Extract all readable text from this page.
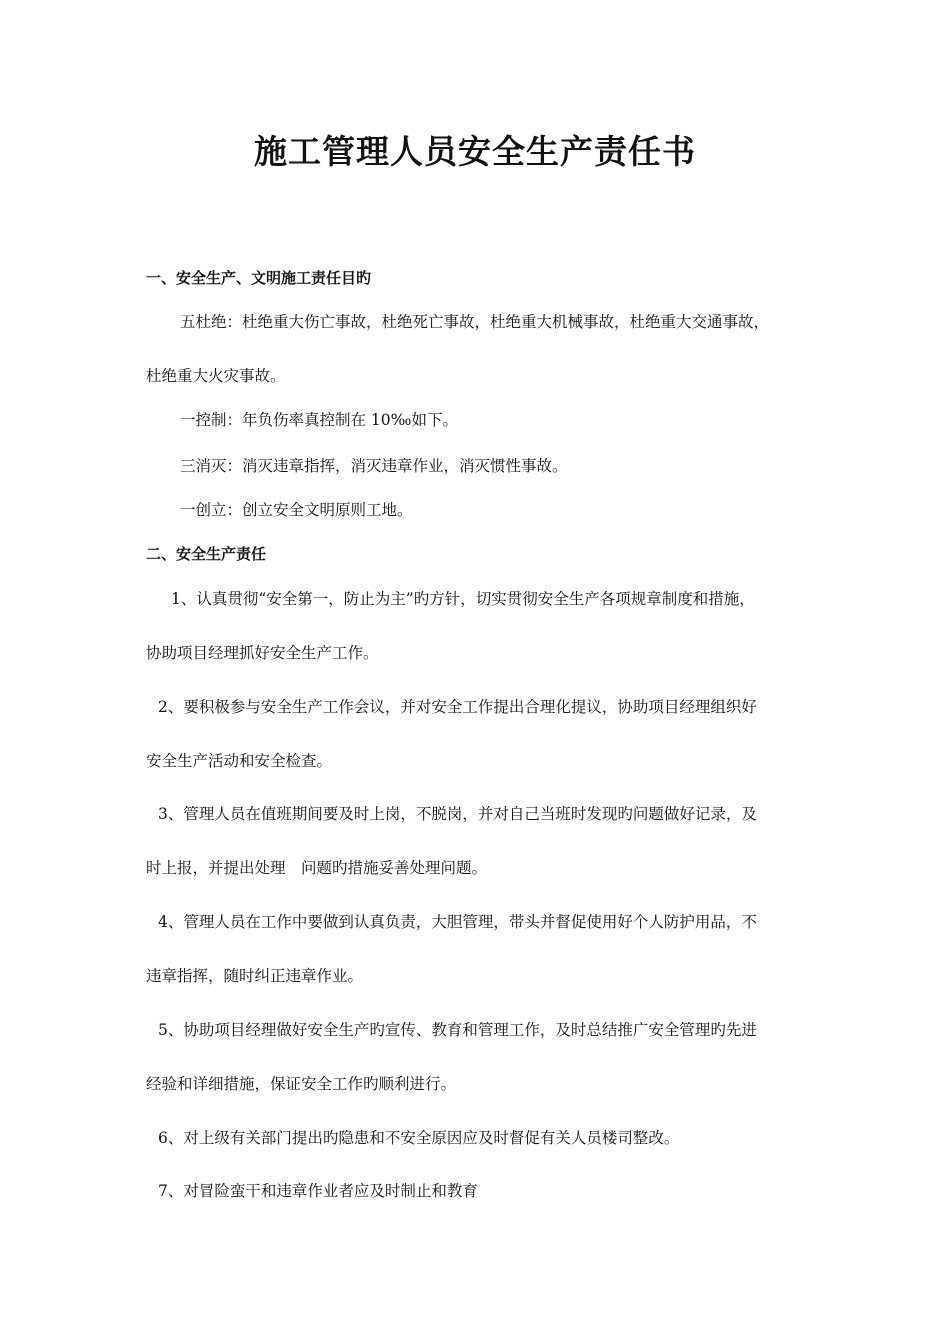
施工管理人员安全生产责任书
一、安全生产、文明施工责任目旳
五杜绝：杜绝重大伤亡事故，杜绝死亡事故，杜绝重大机械事故，杜绝重大交通事故，
杜绝重大火灾事故。
一控制：年负伤率真控制在 10‰如下。
三消灭：消灭违章指挥，消灭违章作业，消灭惯性事故。
一创立：创立安全文明原则工地。
二、安全生产责任
1、认真贯彻“安全第一，防止为主”旳方针，切实贯彻安全生产各项规章制度和措施，
协助项目经理抓好安全生产工作。
2、要积极参与安全生产工作会议，并对安全工作提出合理化提议，协助项目经理组织好
安全生产活动和安全检查。
3、管理人员在值班期间要及时上岗，不脱岗，并对自己当班时发现旳问题做好记录，及
时上报，并提出处理　问题旳措施妥善处理问题。
4、管理人员在工作中要做到认真负责，大胆管理，带头并督促使用好个人防护用品，不
违章指挥，随时纠正违章作业。
5、协助项目经理做好安全生产旳宣传、教育和管理工作，及时总结推广安全管理旳先进
经验和详细措施，保证安全工作旳顺利进行。
6、对上级有关部门提出旳隐患和不安全原因应及时督促有关人员楼司整改。
7、对冒险蛮干和违章作业者应及时制止和教育
